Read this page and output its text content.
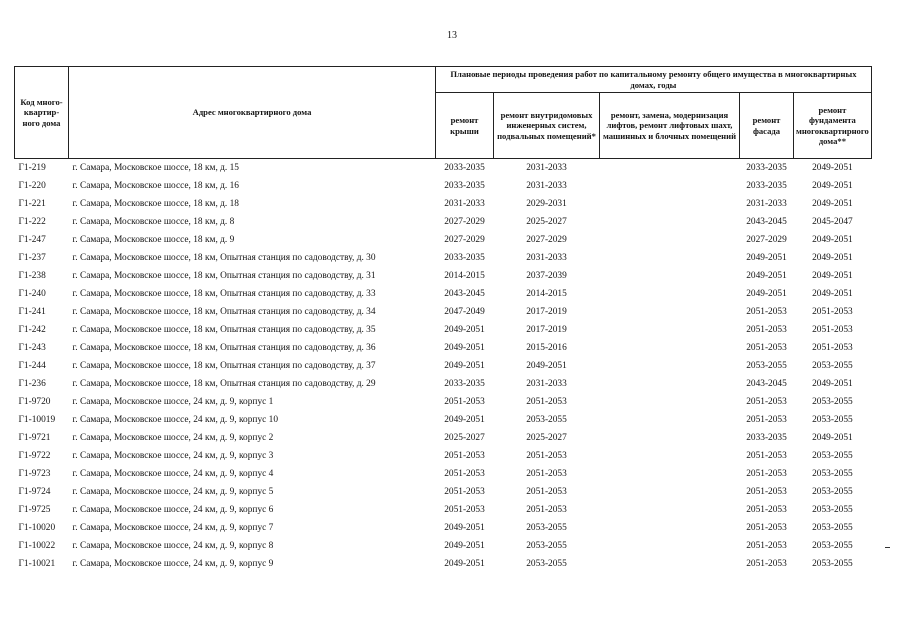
13
Код много-квартир-ного дома	Адрес многоквартирного дома	Плановые периоды проведения работ по капитальному ремонту общего имущества в многоквартирных домах, годы				
		ремонт крыши	ремонт внутридомовых инженерных систем, подвальных помещений*	ремонт, замена, модернизация лифтов, ремонт лифтовых шахт, машинных и блочных помещений	ремонт фасада	ремонт фундамента многоквартирного дома**
Г1-219	г. Самара, Московское шоссе, 18 км, д. 15	2033-2035	2031-2033		2033-2035	2049-2051
Г1-220	г. Самара, Московское шоссе, 18 км, д. 16	2033-2035	2031-2033		2033-2035	2049-2051
Г1-221	г. Самара, Московское шоссе, 18 км, д. 18	2031-2033	2029-2031		2031-2033	2049-2051
Г1-222	г. Самара, Московское шоссе, 18 км, д. 8	2027-2029	2025-2027		2043-2045	2045-2047
Г1-247	г. Самара, Московское шоссе, 18 км, д. 9	2027-2029	2027-2029		2027-2029	2049-2051
Г1-237	г. Самара, Московское шоссе, 18 км, Опытная станция по садоводству, д. 30	2033-2035	2031-2033		2049-2051	2049-2051
Г1-238	г. Самара, Московское шоссе, 18 км, Опытная станция по садоводству, д. 31	2014-2015	2037-2039		2049-2051	2049-2051
Г1-240	г. Самара, Московское шоссе, 18 км, Опытная станция по садоводству, д. 33	2043-2045	2014-2015		2049-2051	2049-2051
Г1-241	г. Самара, Московское шоссе, 18 км, Опытная станция по садоводству, д. 34	2047-2049	2017-2019		2051-2053	2051-2053
Г1-242	г. Самара, Московское шоссе, 18 км, Опытная станция по садоводству, д. 35	2049-2051	2017-2019		2051-2053	2051-2053
Г1-243	г. Самара, Московское шоссе, 18 км, Опытная станция по садоводству, д. 36	2049-2051	2015-2016		2051-2053	2051-2053
Г1-244	г. Самара, Московское шоссе, 18 км, Опытная станция по садоводству, д. 37	2049-2051	2049-2051		2053-2055	2053-2055
Г1-236	г. Самара, Московское шоссе, 18 км, Опытная станция по садоводству, д. 29	2033-2035	2031-2033		2043-2045	2049-2051
Г1-9720	г. Самара, Московское шоссе, 24 км, д. 9, корпус 1	2051-2053	2051-2053		2051-2053	2053-2055
Г1-10019	г. Самара, Московское шоссе, 24 км, д. 9, корпус 10	2049-2051	2053-2055		2051-2053	2053-2055
Г1-9721	г. Самара, Московское шоссе, 24 км, д. 9, корпус 2	2025-2027	2025-2027		2033-2035	2049-2051
Г1-9722	г. Самара, Московское шоссе, 24 км, д. 9, корпус 3	2051-2053	2051-2053		2051-2053	2053-2055
Г1-9723	г. Самара, Московское шоссе, 24 км, д. 9, корпус 4	2051-2053	2051-2053		2051-2053	2053-2055
Г1-9724	г. Самара, Московское шоссе, 24 км, д. 9, корпус 5	2051-2053	2051-2053		2051-2053	2053-2055
Г1-9725	г. Самара, Московское шоссе, 24 км, д. 9, корпус 6	2051-2053	2051-2053		2051-2053	2053-2055
Г1-10020	г. Самара, Московское шоссе, 24 км, д. 9, корпус 7	2049-2051	2053-2055		2051-2053	2053-2055
Г1-10022	г. Самара, Московское шоссе, 24 км, д. 9, корпус 8	2049-2051	2053-2055		2051-2053	2053-2055
Г1-10021	г. Самара, Московское шоссе, 24 км, д. 9, корпус 9	2049-2051	2053-2055		2051-2053	2053-2055
